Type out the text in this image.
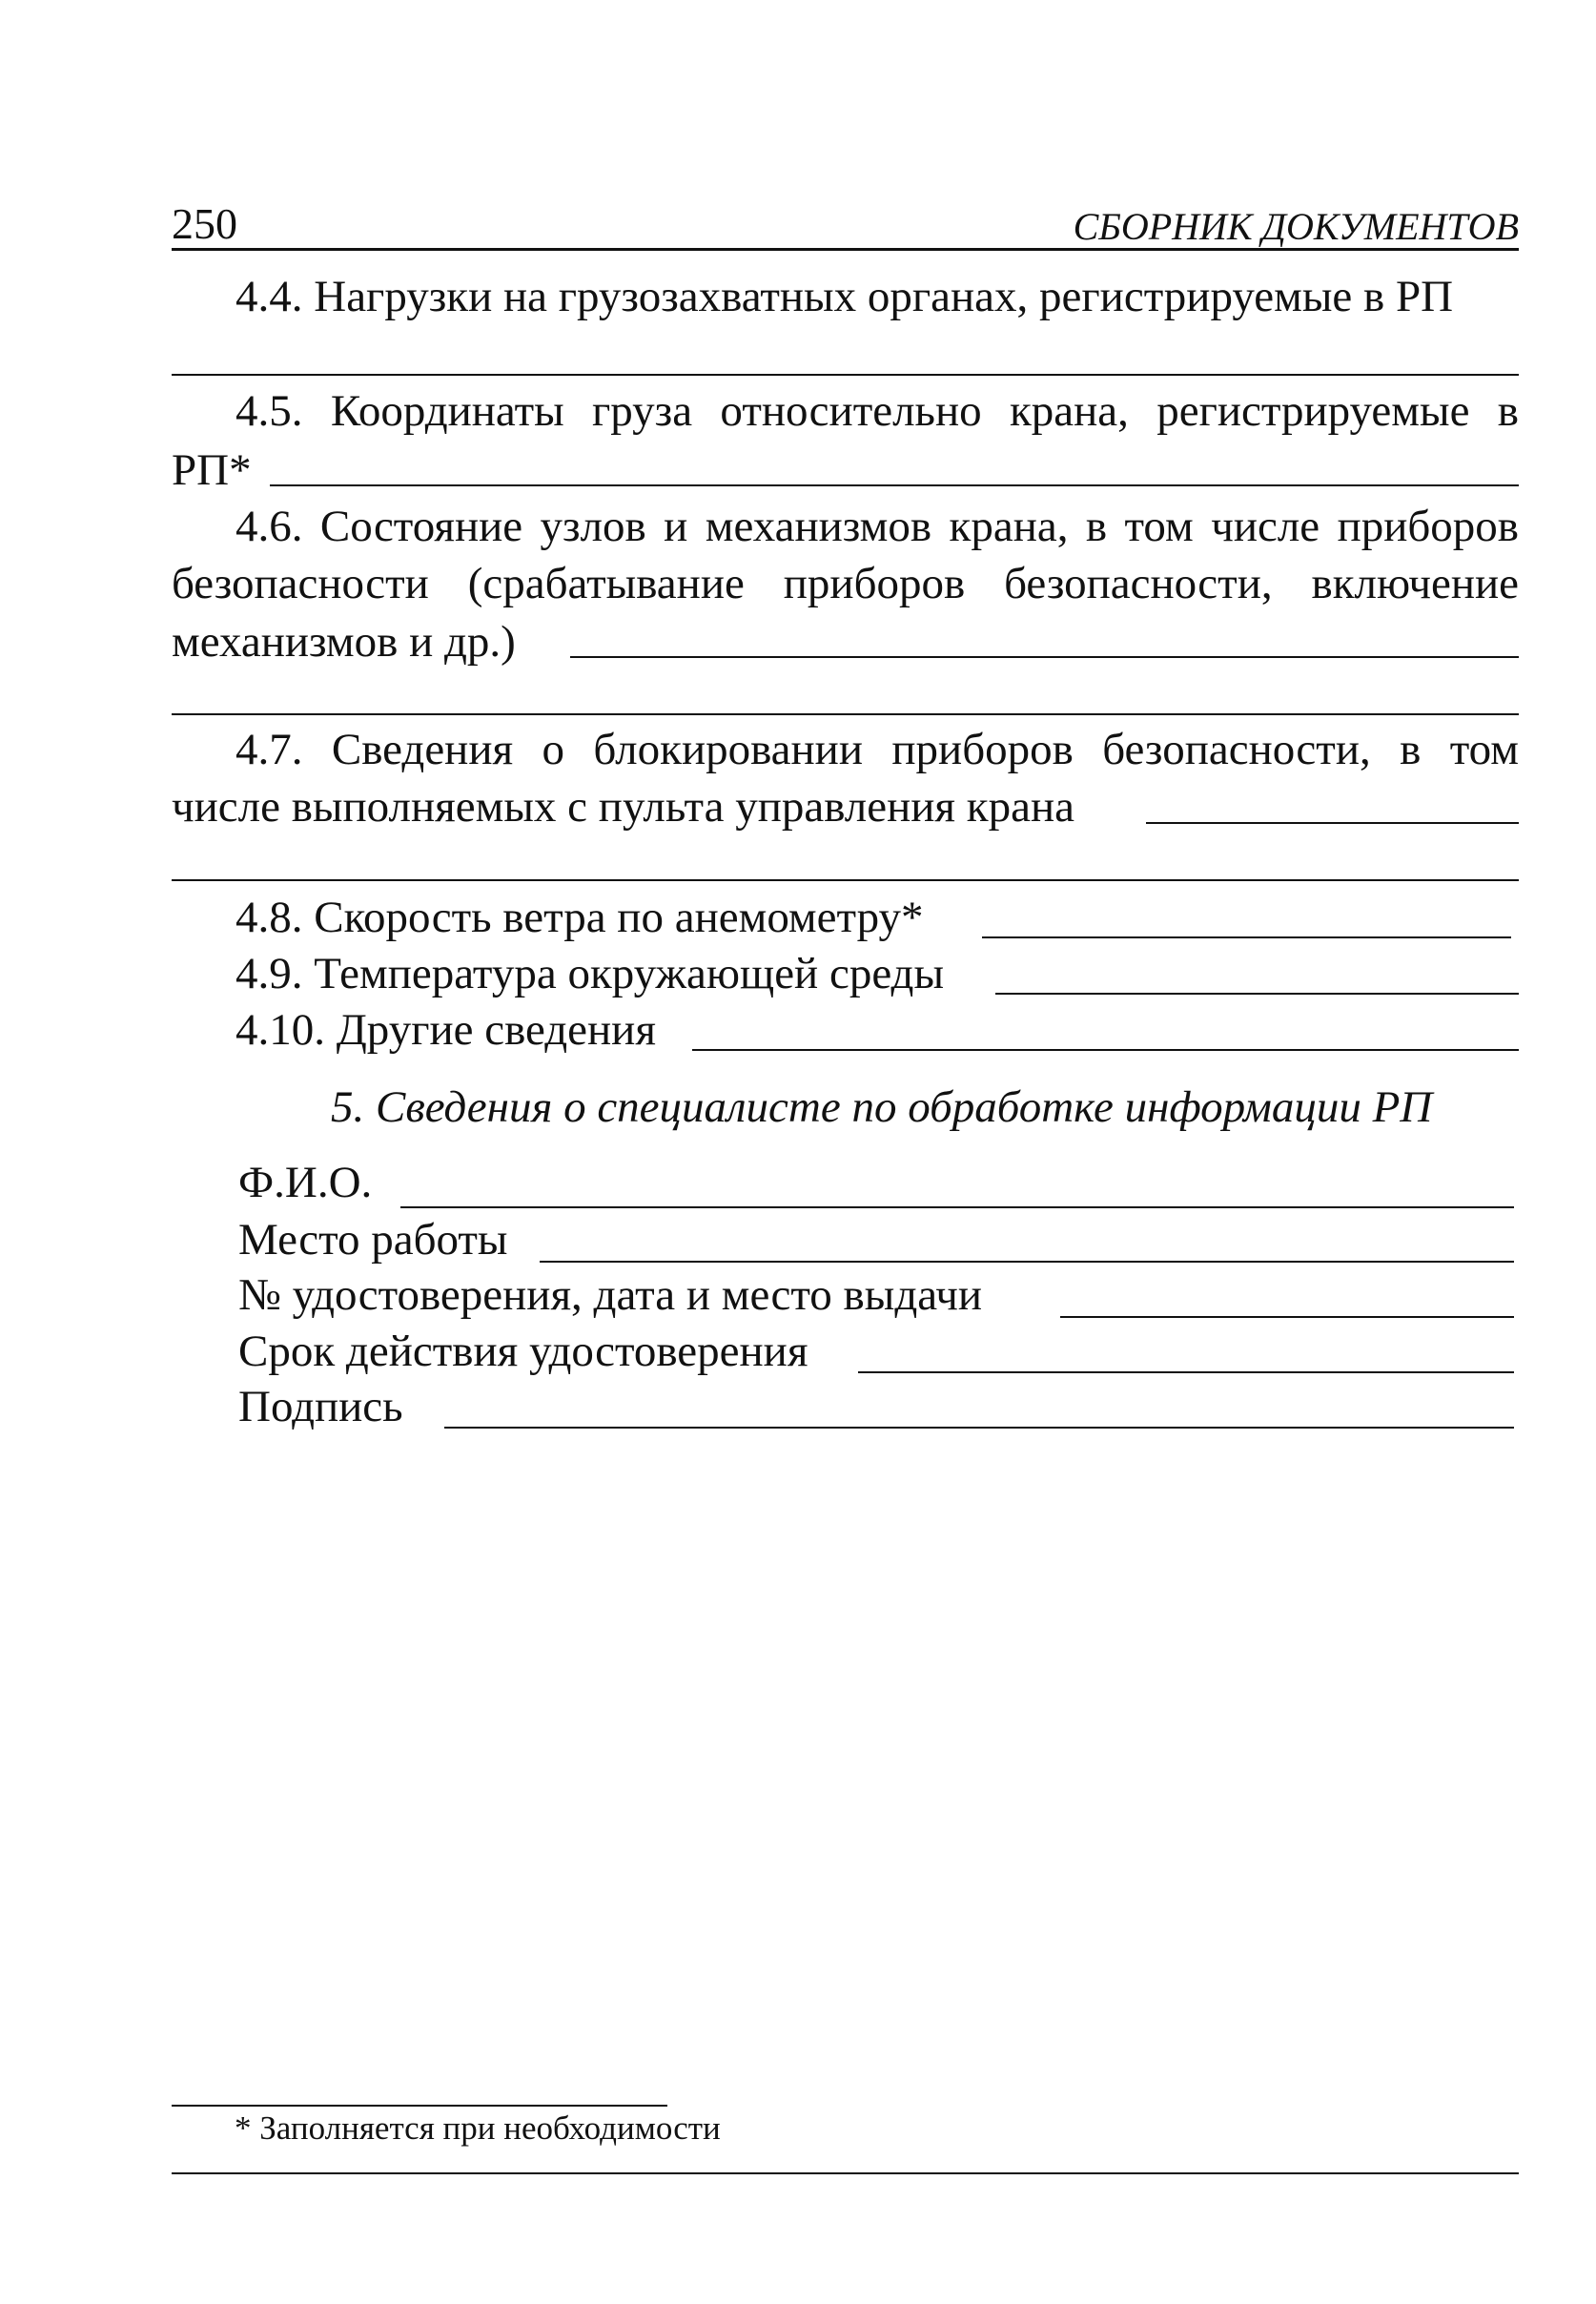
250	СБОРНИК ДОКУМЕНТОВ
4.4. Нагрузки на грузозахватных органах, регистрируемые в РП
4.5. Координаты груза относительно крана, регистрируемые в
РП*
4.6. Состояние узлов и механизмов крана, в том числе приборов
безопасности (срабатывание приборов безопасности, включение
механизмов и др.)
4.7. Сведения о блокировании приборов безопасности, в том
числе выполняемых с пульта управления крана
4.8. Скорость ветра по анемометру*
4.9. Температура окружающей среды
4.10. Другие сведения
5. Сведения о специалисте по обработке информации РП
Ф.И.О.
Место работы
№ удостоверения, дата и место выдачи
Срок действия удостоверения
Подпись
* Заполняется при необходимости
